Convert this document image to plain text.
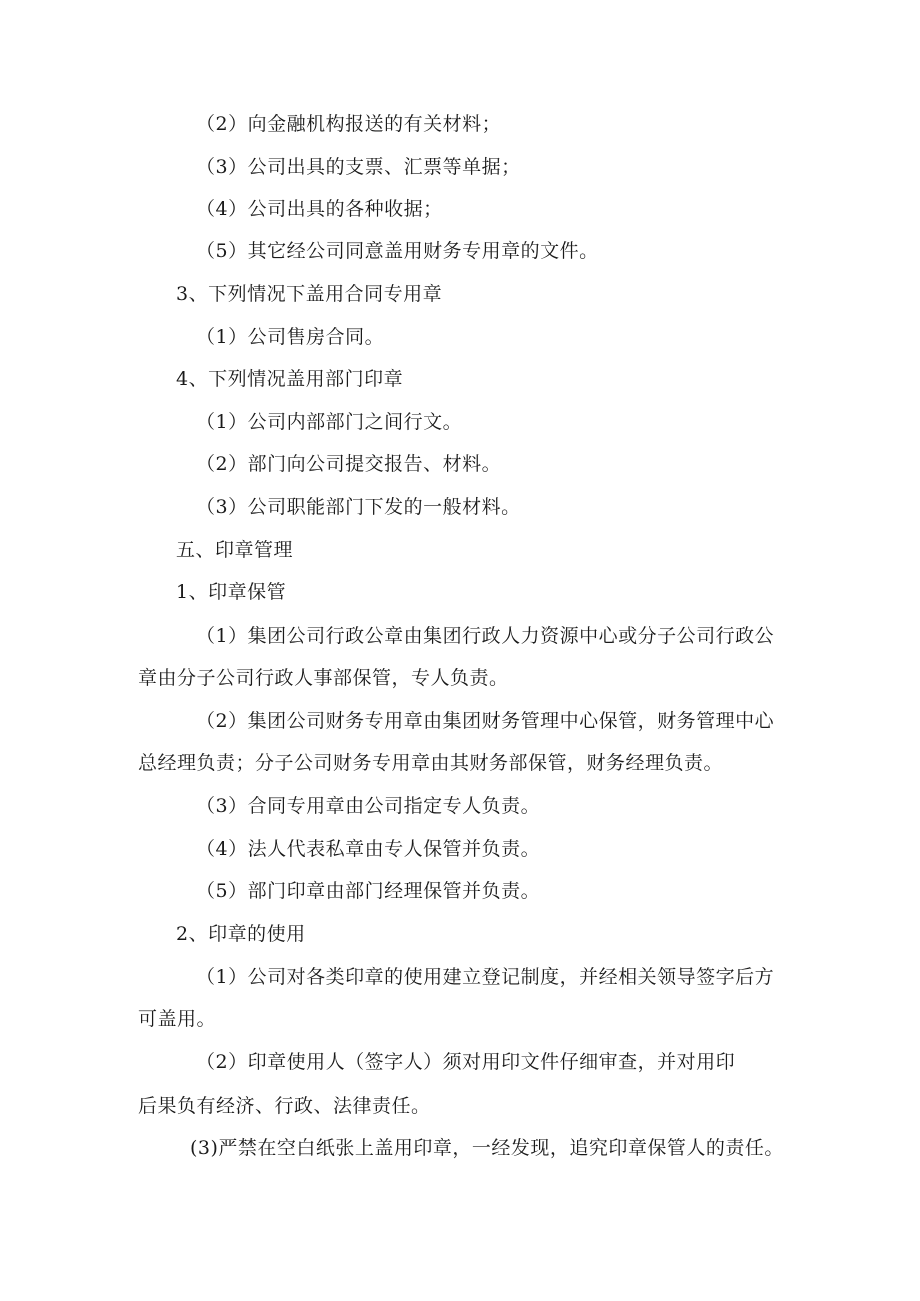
（2）向金融机构报送的有关材料；
（3）公司出具的支票、汇票等单据；
（4）公司出具的各种收据；
（5）其它经公司同意盖用财务专用章的文件。
3、下列情况下盖用合同专用章
（1）公司售房合同。
4、下列情况盖用部门印章
（1）公司内部部门之间行文。
（2）部门向公司提交报告、材料。
（3）公司职能部门下发的一般材料。
五、印章管理
1、印章保管
（1）集团公司行政公章由集团行政人力资源中心或分子公司行政公
章由分子公司行政人事部保管，专人负责。
（2）集团公司财务专用章由集团财务管理中心保管，财务管理中心
总经理负责；分子公司财务专用章由其财务部保管，财务经理负责。
（3）合同专用章由公司指定专人负责。
（4）法人代表私章由专人保管并负责。
（5）部门印章由部门经理保管并负责。
2、印章的使用
（1）公司对各类印章的使用建立登记制度，并经相关领导签字后方
可盖用。
（2）印章使用人（签字人）须对用印文件仔细审查，并对用印
后果负有经济、行政、法律责任。
(3)严禁在空白纸张上盖用印章，一经发现，追究印章保管人的责任。
